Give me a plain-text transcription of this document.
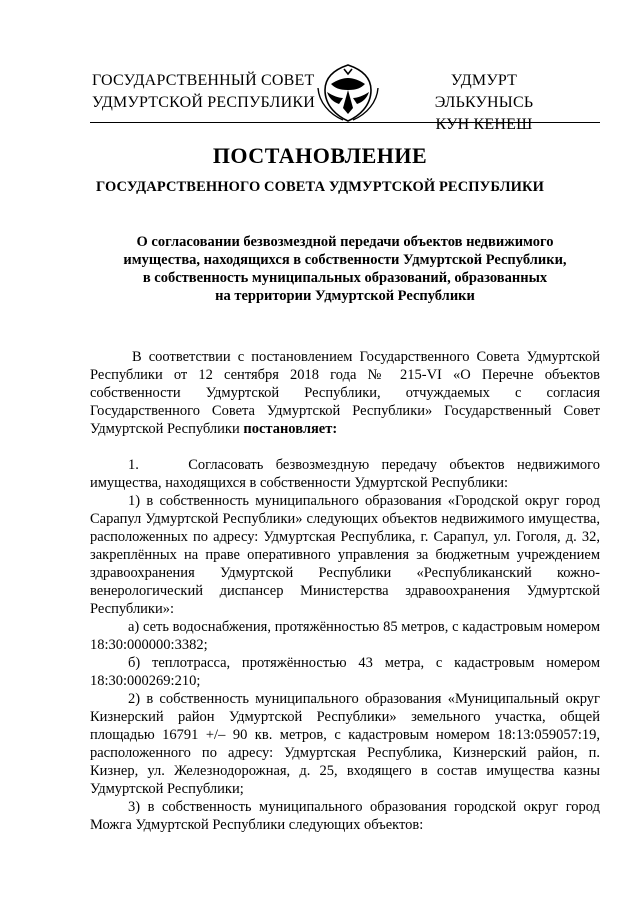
ГОСУДАРСТВЕННЫЙ СОВЕТ
УДМУРТСКОЙ РЕСПУБЛИКИ
УДМУРТ ЭЛЬКУНЫСЬ
КУН КЕНЕШ
ПОСТАНОВЛЕНИЕ
ГОСУДАРСТВЕННОГО СОВЕТА УДМУРТСКОЙ РЕСПУБЛИКИ
О согласовании безвозмездной передачи объектов недвижимого
имущества, находящихся в собственности Удмуртской Республики,
в собственность муниципальных образований, образованных
на территории Удмуртской Республики

В соответствии с постановлением Государственного Совета Удмуртской Республики от 12 сентября 2018 года № 215-VI «О Перечне объектов собственности Удмуртской Республики, отчуждаемых с согласия Государственного Совета Удмуртской Республики» Государственный Совет Удмуртской Республики постановляет:

1.    Согласовать безвозмездную передачу объектов недвижимого имущества, находящихся в собственности Удмуртской Республики:

1) в собственность муниципального образования «Городской округ город Сарапул Удмуртской Республики» следующих объектов недвижимого имущества, расположенных по адресу: Удмуртская Республика, г. Сарапул, ул. Гоголя, д. 32, закреплённых на праве оперативного управления за бюджетным учреждением здравоохранения Удмуртской Республики «Республиканский кожно-венерологический диспансер Министерства здравоохранения Удмуртской Республики»:

а) сеть водоснабжения, протяжённостью 85 метров, с кадастровым номером 18:30:000000:3382;

б) теплотрасса, протяжённостью 43 метра, с кадастровым номером 18:30:000269:210;

2) в собственность муниципального образования «Муниципальный округ Кизнерский район Удмуртской Республики» земельного участка, общей площадью 16791 +/– 90 кв. метров, с кадастровым номером 18:13:059057:19, расположенного по адресу: Удмуртская Республика, Кизнерский район, п. Кизнер, ул. Железнодорожная, д. 25, входящего в состав имущества казны Удмуртской Республики;

3) в собственность муниципального образования городской округ город Можга Удмуртской Республики следующих объектов:
